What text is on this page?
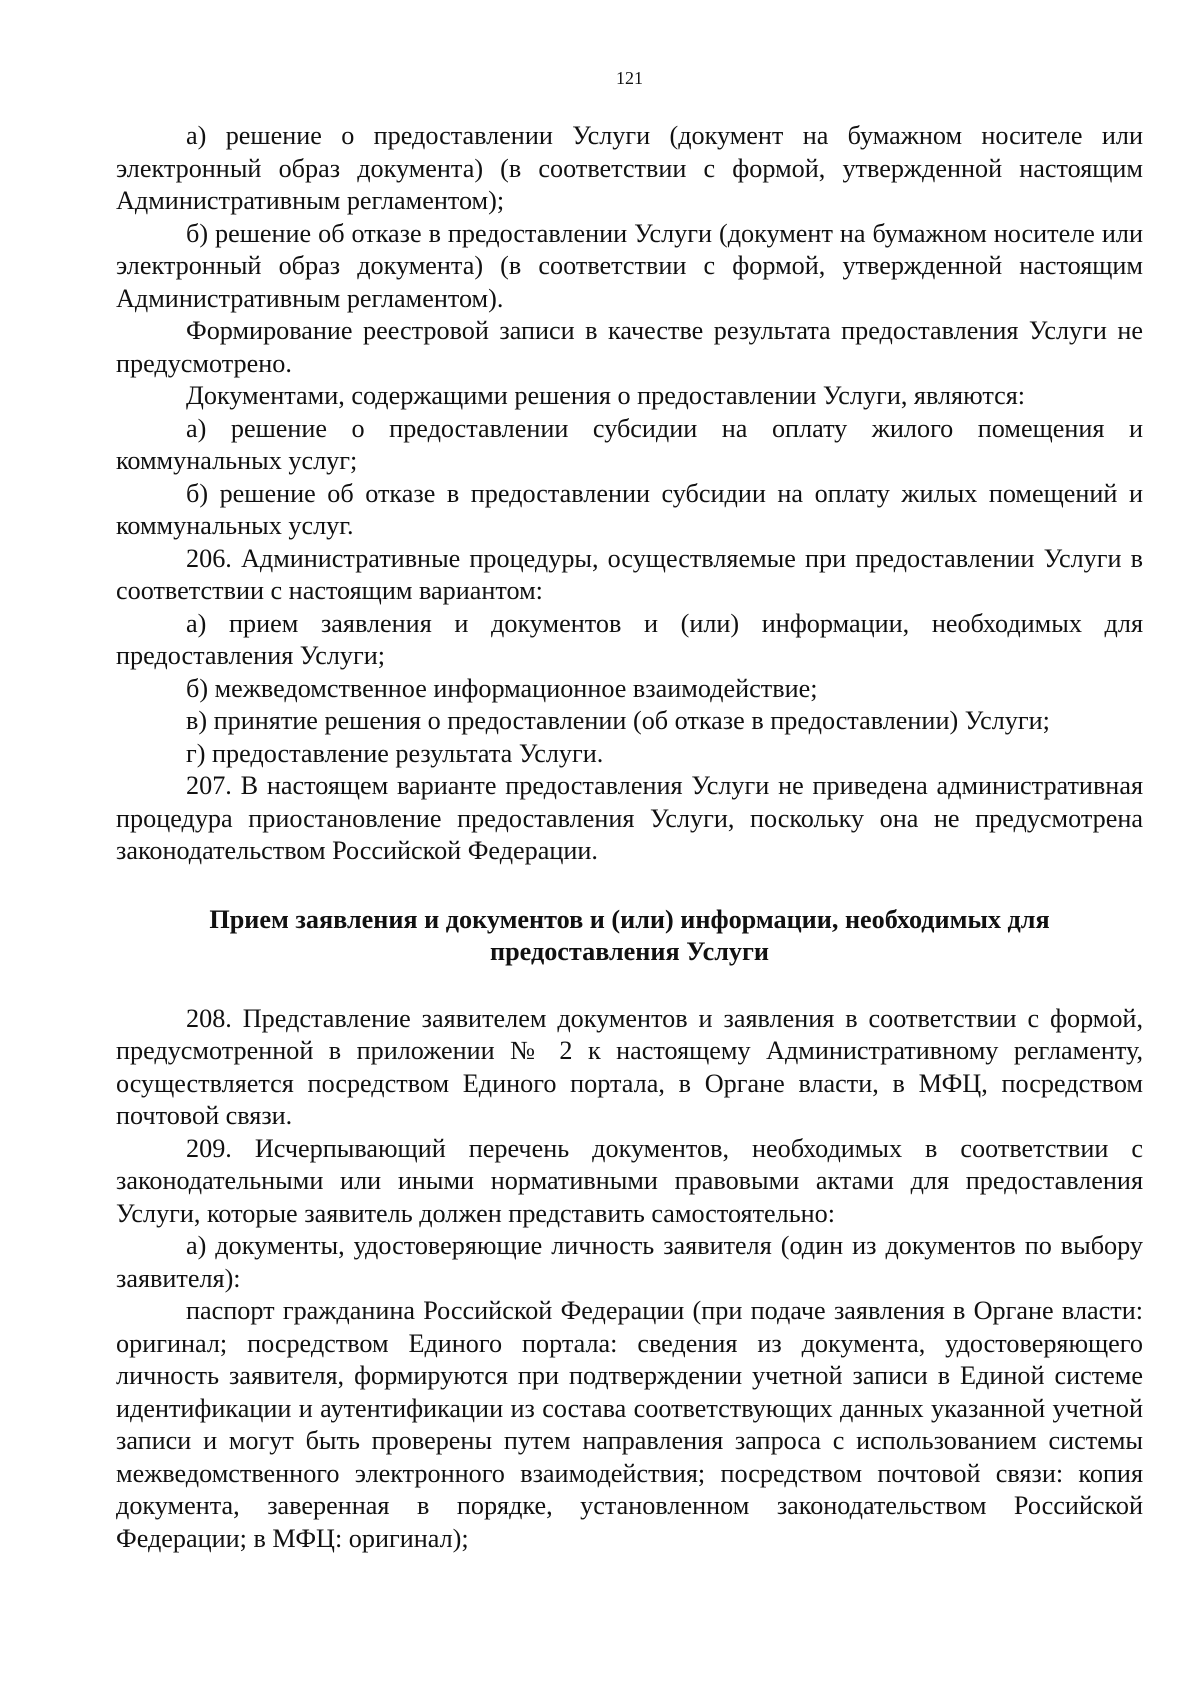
121

а) решение о предоставлении Услуги (документ на бумажном носителе или электронный образ документа) (в соответствии с формой, утвержденной настоящим Административным регламентом);

б) решение об отказе в предоставлении Услуги (документ на бумажном носителе или электронный образ документа) (в соответствии с формой, утвержденной настоящим Административным регламентом).

Формирование реестровой записи в качестве результата предоставления Услуги не предусмотрено.

Документами, содержащими решения о предоставлении Услуги, являются:

а) решение о предоставлении субсидии на оплату жилого помещения и коммунальных услуг;

б) решение об отказе в предоставлении субсидии на оплату жилых помещений и коммунальных услуг.

206. Административные процедуры, осуществляемые при предоставлении Услуги в соответствии с настоящим вариантом:

а) прием заявления и документов и (или) информации, необходимых для предоставления Услуги;

б) межведомственное информационное взаимодействие;

в) принятие решения о предоставлении (об отказе в предоставлении) Услуги;

г) предоставление результата Услуги.

207. В настоящем варианте предоставления Услуги не приведена административная процедура приостановление предоставления Услуги, поскольку она не предусмотрена законодательством Российской Федерации.

Прием заявления и документов и (или) информации, необходимых для предоставления Услуги

208. Представление заявителем документов и заявления в соответствии с формой, предусмотренной в приложении № 2 к настоящему Административному регламенту, осуществляется посредством Единого портала, в Органе власти, в МФЦ, посредством почтовой связи.

209. Исчерпывающий перечень документов, необходимых в соответствии с законодательными или иными нормативными правовыми актами для предоставления Услуги, которые заявитель должен представить самостоятельно:

а) документы, удостоверяющие личность заявителя (один из документов по выбору заявителя):

паспорт гражданина Российской Федерации (при подаче заявления в Органе власти: оригинал; посредством Единого портала: сведения из документа, удостоверяющего личность заявителя, формируются при подтверждении учетной записи в Единой системе идентификации и аутентификации из состава соответствующих данных указанной учетной записи и могут быть проверены путем направления запроса с использованием системы межведомственного электронного взаимодействия; посредством почтовой связи: копия документа, заверенная в порядке, установленном законодательством Российской Федерации; в МФЦ: оригинал);
